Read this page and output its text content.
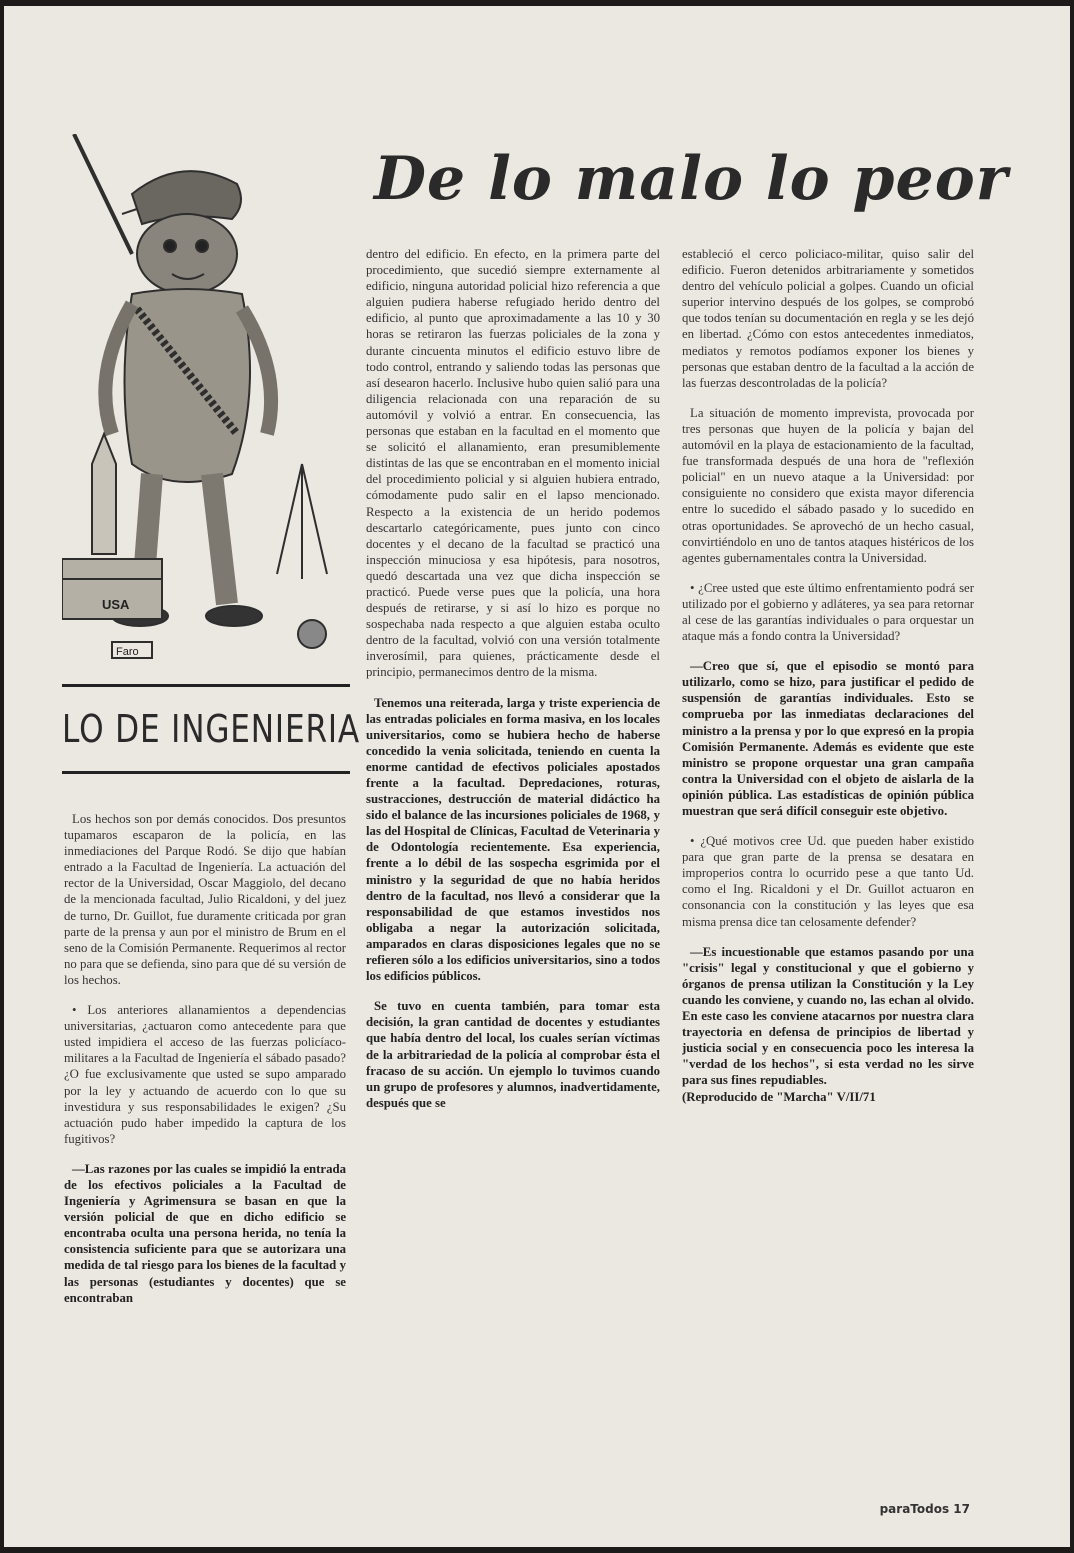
USA
Faro
De lo malo lo peor
LO DE INGENIERIA

Los hechos son por demás conocidos. Dos presuntos tupamaros escaparon de la policía, en las inmediaciones del Parque Rodó. Se dijo que habían entrado a la Facultad de Ingeniería. La actuación del rector de la Universidad, Oscar Maggiolo, del decano de la mencionada facultad, Julio Ricaldoni, y del juez de turno, Dr. Guillot, fue duramente criticada por gran parte de la prensa y aun por el ministro de Brum en el seno de la Comisión Permanente. Requerimos al rector no para que se defienda, sino para que dé su versión de los hechos.

• Los anteriores allanamientos a dependencias universitarias, ¿actuaron como antecedente para que usted impidiera el acceso de las fuerzas policíaco-militares a la Facultad de Ingeniería el sábado pasado? ¿O fue exclusivamente que usted se supo amparado por la ley y actuando de acuerdo con lo que su investidura y sus responsabilidades le exigen? ¿Su actuación pudo haber impedido la captura de los fugitivos?

—Las razones por las cuales se impidió la entrada de los efectivos policiales a la Facultad de Ingeniería y Agrimensura se basan en que la versión policial de que en dicho edificio se encontraba oculta una persona herida, no tenía la consistencia suficiente para que se autorizara una medida de tal riesgo para los bienes de la facultad y las personas (estudiantes y docentes) que se encontraban

dentro del edificio. En efecto, en la primera parte del procedimiento, que sucedió siempre externamente al edificio, ninguna autoridad policial hizo referencia a que alguien pudiera haberse refugiado herido dentro del edificio, al punto que aproximadamente a las 10 y 30 horas se retiraron las fuerzas policiales de la zona y durante cincuenta minutos el edificio estuvo libre de todo control, entrando y saliendo todas las personas que así desearon hacerlo. Inclusive hubo quien salió para una diligencia relacionada con una reparación de su automóvil y volvió a entrar. En consecuencia, las personas que estaban en la facultad en el momento que se solicitó el allanamiento, eran presumiblemente distintas de las que se encontraban en el momento inicial del procedimiento policial y si alguien hubiera entrado, cómodamente pudo salir en el lapso mencionado. Respecto a la existencia de un herido podemos descartarlo categóricamente, pues junto con cinco docentes y el decano de la facultad se practicó una inspección minuciosa y esa hipótesis, para nosotros, quedó descartada una vez que dicha inspección se practicó. Puede verse pues que la policía, una hora después de retirarse, y si así lo hizo es porque no sospechaba nada respecto a que alguien estaba oculto dentro de la facultad, volvió con una versión totalmente inverosímil, para quienes, prácticamente desde el principio, permanecimos dentro de la misma.

Tenemos una reiterada, larga y triste experiencia de las entradas policiales en forma masiva, en los locales universitarios, como se hubiera hecho de haberse concedido la venia solicitada, teniendo en cuenta la enorme cantidad de efectivos policiales apostados frente a la facultad. Depredaciones, roturas, sustracciones, destrucción de material didáctico ha sido el balance de las incursiones policiales de 1968, y las del Hospital de Clínicas, Facultad de Veterinaria y de Odontología recientemente. Esa experiencia, frente a lo débil de las sospecha esgrimida por el ministro y la seguridad de que no había heridos dentro de la facultad, nos llevó a considerar que la responsabilidad de que estamos investidos nos obligaba a negar la autorización solicitada, amparados en claras disposiciones legales que no se refieren sólo a los edificios universitarios, sino a todos los edificios públicos.

Se tuvo en cuenta también, para tomar esta decisión, la gran cantidad de docentes y estudiantes que había dentro del local, los cuales serían víctimas de la arbitrariedad de la policía al comprobar ésta el fracaso de su acción. Un ejemplo lo tuvimos cuando un grupo de profesores y alumnos, inadvertidamente, después que se

estableció el cerco policiaco-militar, quiso salir del edificio. Fueron detenidos arbitrariamente y sometidos dentro del vehículo policial a golpes. Cuando un oficial superior intervino después de los golpes, se comprobó que todos tenían su documentación en regla y se les dejó en libertad. ¿Cómo con estos antecedentes inmediatos, mediatos y remotos podíamos exponer los bienes y personas que estaban dentro de la facultad a la acción de las fuerzas descontroladas de la policía?

La situación de momento imprevista, provocada por tres personas que huyen de la policía y bajan del automóvil en la playa de estacionamiento de la facultad, fue transformada después de una hora de "reflexión policial" en un nuevo ataque a la Universidad: por consiguiente no considero que exista mayor diferencia entre lo sucedido el sábado pasado y lo sucedido en otras oportunidades. Se aprovechó de un hecho casual, convirtiéndolo en uno de tantos ataques histéricos de los agentes gubernamentales contra la Universidad.

• ¿Cree usted que este último enfrentamiento podrá ser utilizado por el gobierno y adláteres, ya sea para retornar al cese de las garantías individuales o para orquestar un ataque más a fondo contra la Universidad?

—Creo que sí, que el episodio se montó para utilizarlo, como se hizo, para justificar el pedido de suspensión de garantías individuales. Esto se comprueba por las inmediatas declaraciones del ministro a la prensa y por lo que expresó en la propia Comisión Permanente. Además es evidente que este ministro se propone orquestar una gran campaña contra la Universidad con el objeto de aislarla de la opinión pública. Las estadísticas de opinión pública muestran que será difícil conseguir este objetivo.

• ¿Qué motivos cree Ud. que pueden haber existido para que gran parte de la prensa se desatara en improperios contra lo ocurrido pese a que tanto Ud. como el Ing. Ricaldoni y el Dr. Guillot actuaron en consonancia con la constitución y las leyes que esa misma prensa dice tan celosamente defender?

—Es incuestionable que estamos pasando por una "crisis" legal y constitucional y que el gobierno y órganos de prensa utilizan la Constitución y la Ley cuando les conviene, y cuando no, las echan al olvido. En este caso les conviene atacarnos por nuestra clara trayectoria en defensa de principios de libertad y justicia social y en consecuencia poco les interesa la "verdad de los hechos", si esta verdad no les sirve para sus fines repudiables.

(Reproducido de "Marcha" V/II/71

paraTodos 17
